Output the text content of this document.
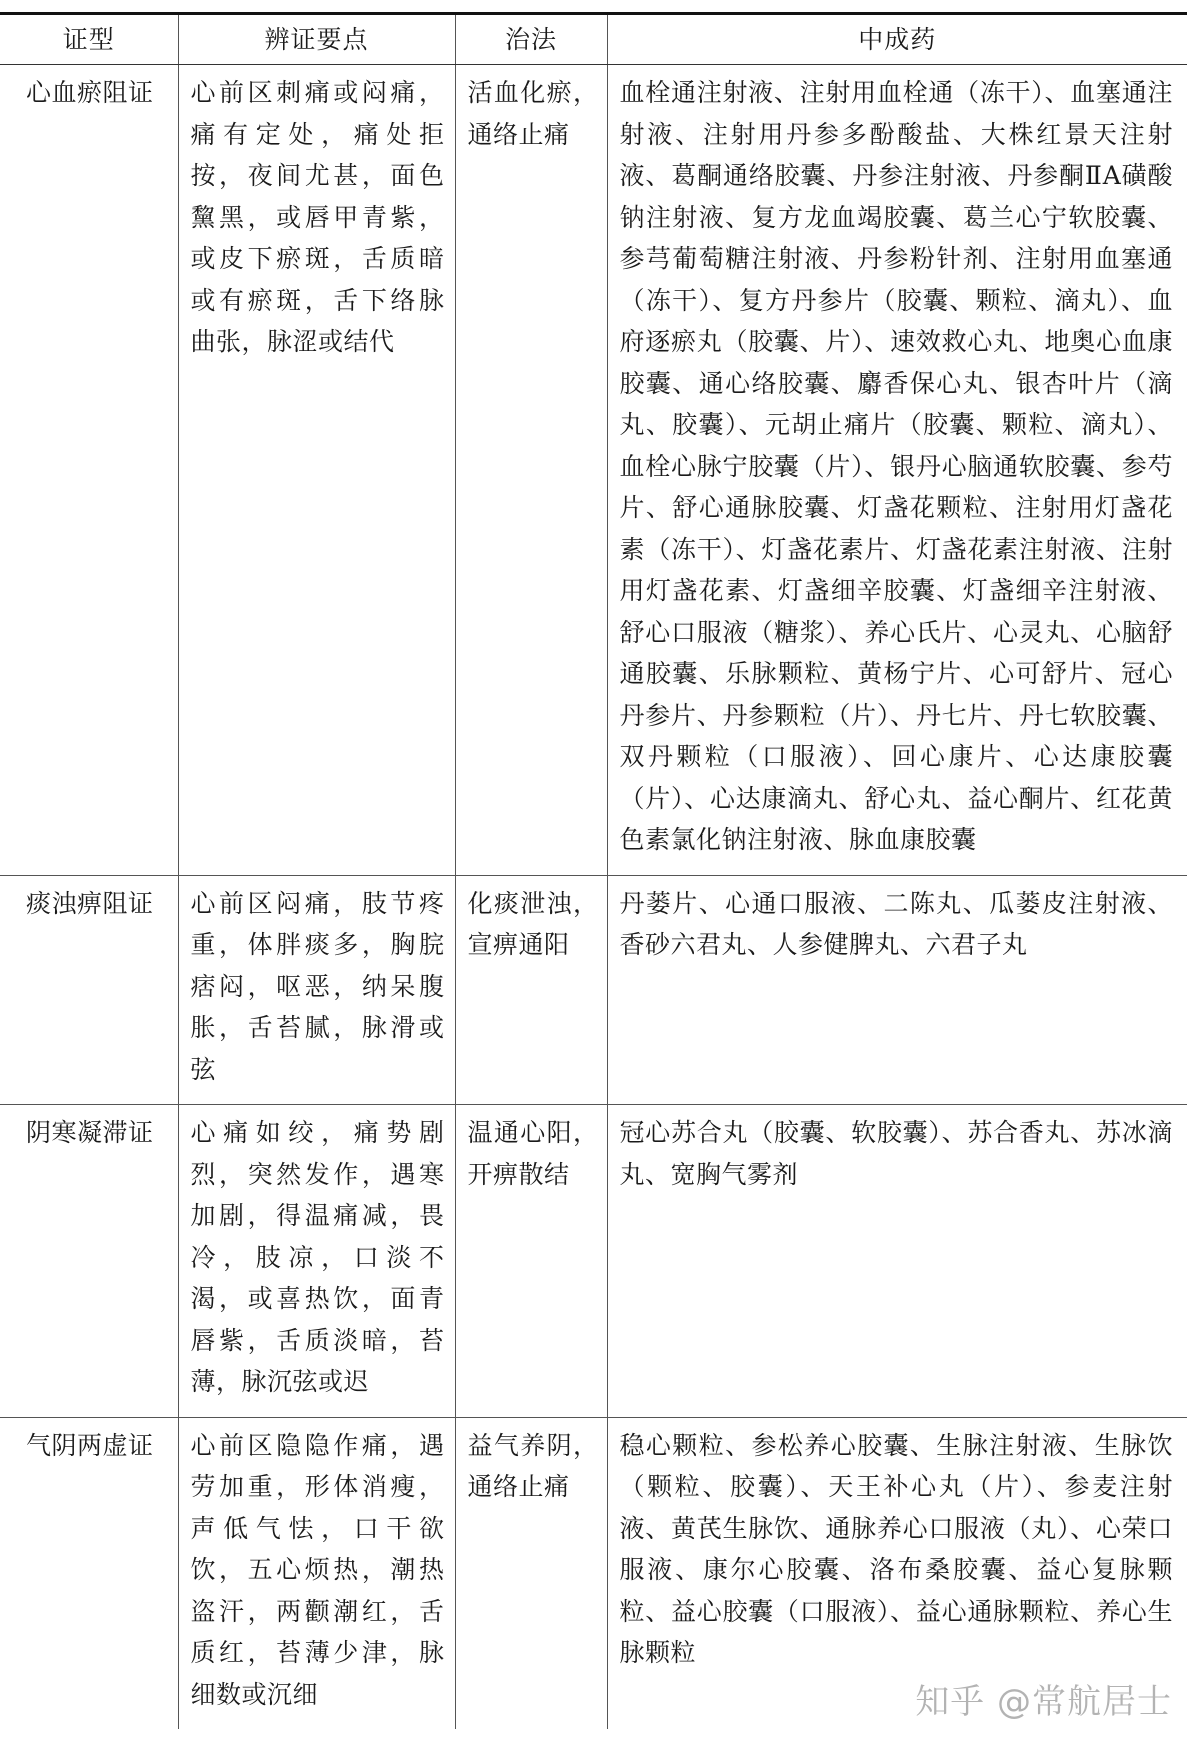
证型	辨证要点	治法	中成药
心血瘀阻证	心前区刺痛或闷痛，痛有定处，痛处拒按，夜间尤甚，面色黧黑，或唇甲青紫，或皮下瘀斑，舌质暗或有瘀斑，舌下络脉曲张，脉涩或结代	活血化瘀，通络止痛	血栓通注射液、注射用血栓通（冻干）、血塞通注射液、注射用丹参多酚酸盐、大株红景天注射液、葛酮通络胶囊、丹参注射液、丹参酮ⅡA磺酸钠注射液、复方龙血竭胶囊、葛兰心宁软胶囊、参芎葡萄糖注射液、丹参粉针剂、注射用血塞通（冻干）、复方丹参片（胶囊、颗粒、滴丸）、血府逐瘀丸（胶囊、片）、速效救心丸、地奥心血康胶囊、通心络胶囊、麝香保心丸、银杏叶片（滴丸、胶囊）、元胡止痛片（胶囊、颗粒、滴丸）、血栓心脉宁胶囊（片）、银丹心脑通软胶囊、参芍片、舒心通脉胶囊、灯盏花颗粒、注射用灯盏花素（冻干）、灯盏花素片、灯盏花素注射液、注射用灯盏花素、灯盏细辛胶囊、灯盏细辛注射液、舒心口服液（糖浆）、养心氏片、心灵丸、心脑舒通胶囊、乐脉颗粒、黄杨宁片、心可舒片、冠心丹参片、丹参颗粒（片）、丹七片、丹七软胶囊、双丹颗粒（口服液）、回心康片、心达康胶囊（片）、心达康滴丸、舒心丸、益心酮片、红花黄色素氯化钠注射液、脉血康胶囊
痰浊痹阻证	心前区闷痛，肢节疼重，体胖痰多，胸脘痞闷，呕恶，纳呆腹胀，舌苔腻，脉滑或弦	化痰泄浊，宣痹通阳	丹蒌片、心通口服液、二陈丸、瓜蒌皮注射液、香砂六君丸、人参健脾丸、六君子丸
阴寒凝滞证	心痛如绞，痛势剧烈，突然发作，遇寒加剧，得温痛减，畏冷，肢凉，口淡不渴，或喜热饮，面青唇紫，舌质淡暗，苔薄，脉沉弦或迟	温通心阳，开痹散结	冠心苏合丸（胶囊、软胶囊）、苏合香丸、苏冰滴丸、宽胸气雾剂
气阴两虚证	心前区隐隐作痛，遇劳加重，形体消瘦，声低气怯，口干欲饮，五心烦热，潮热盗汗，两颧潮红，舌质红，苔薄少津，脉细数或沉细	益气养阴，通络止痛	稳心颗粒、参松养心胶囊、生脉注射液、生脉饮（颗粒、胶囊）、天王补心丸（片）、参麦注射液、黄芪生脉饮、通脉养心口服液（丸）、心荣口服液、康尔心胶囊、洛布桑胶囊、益心复脉颗粒、益心胶囊（口服液）、益心通脉颗粒、养心生脉颗粒
知乎 @常航居士
